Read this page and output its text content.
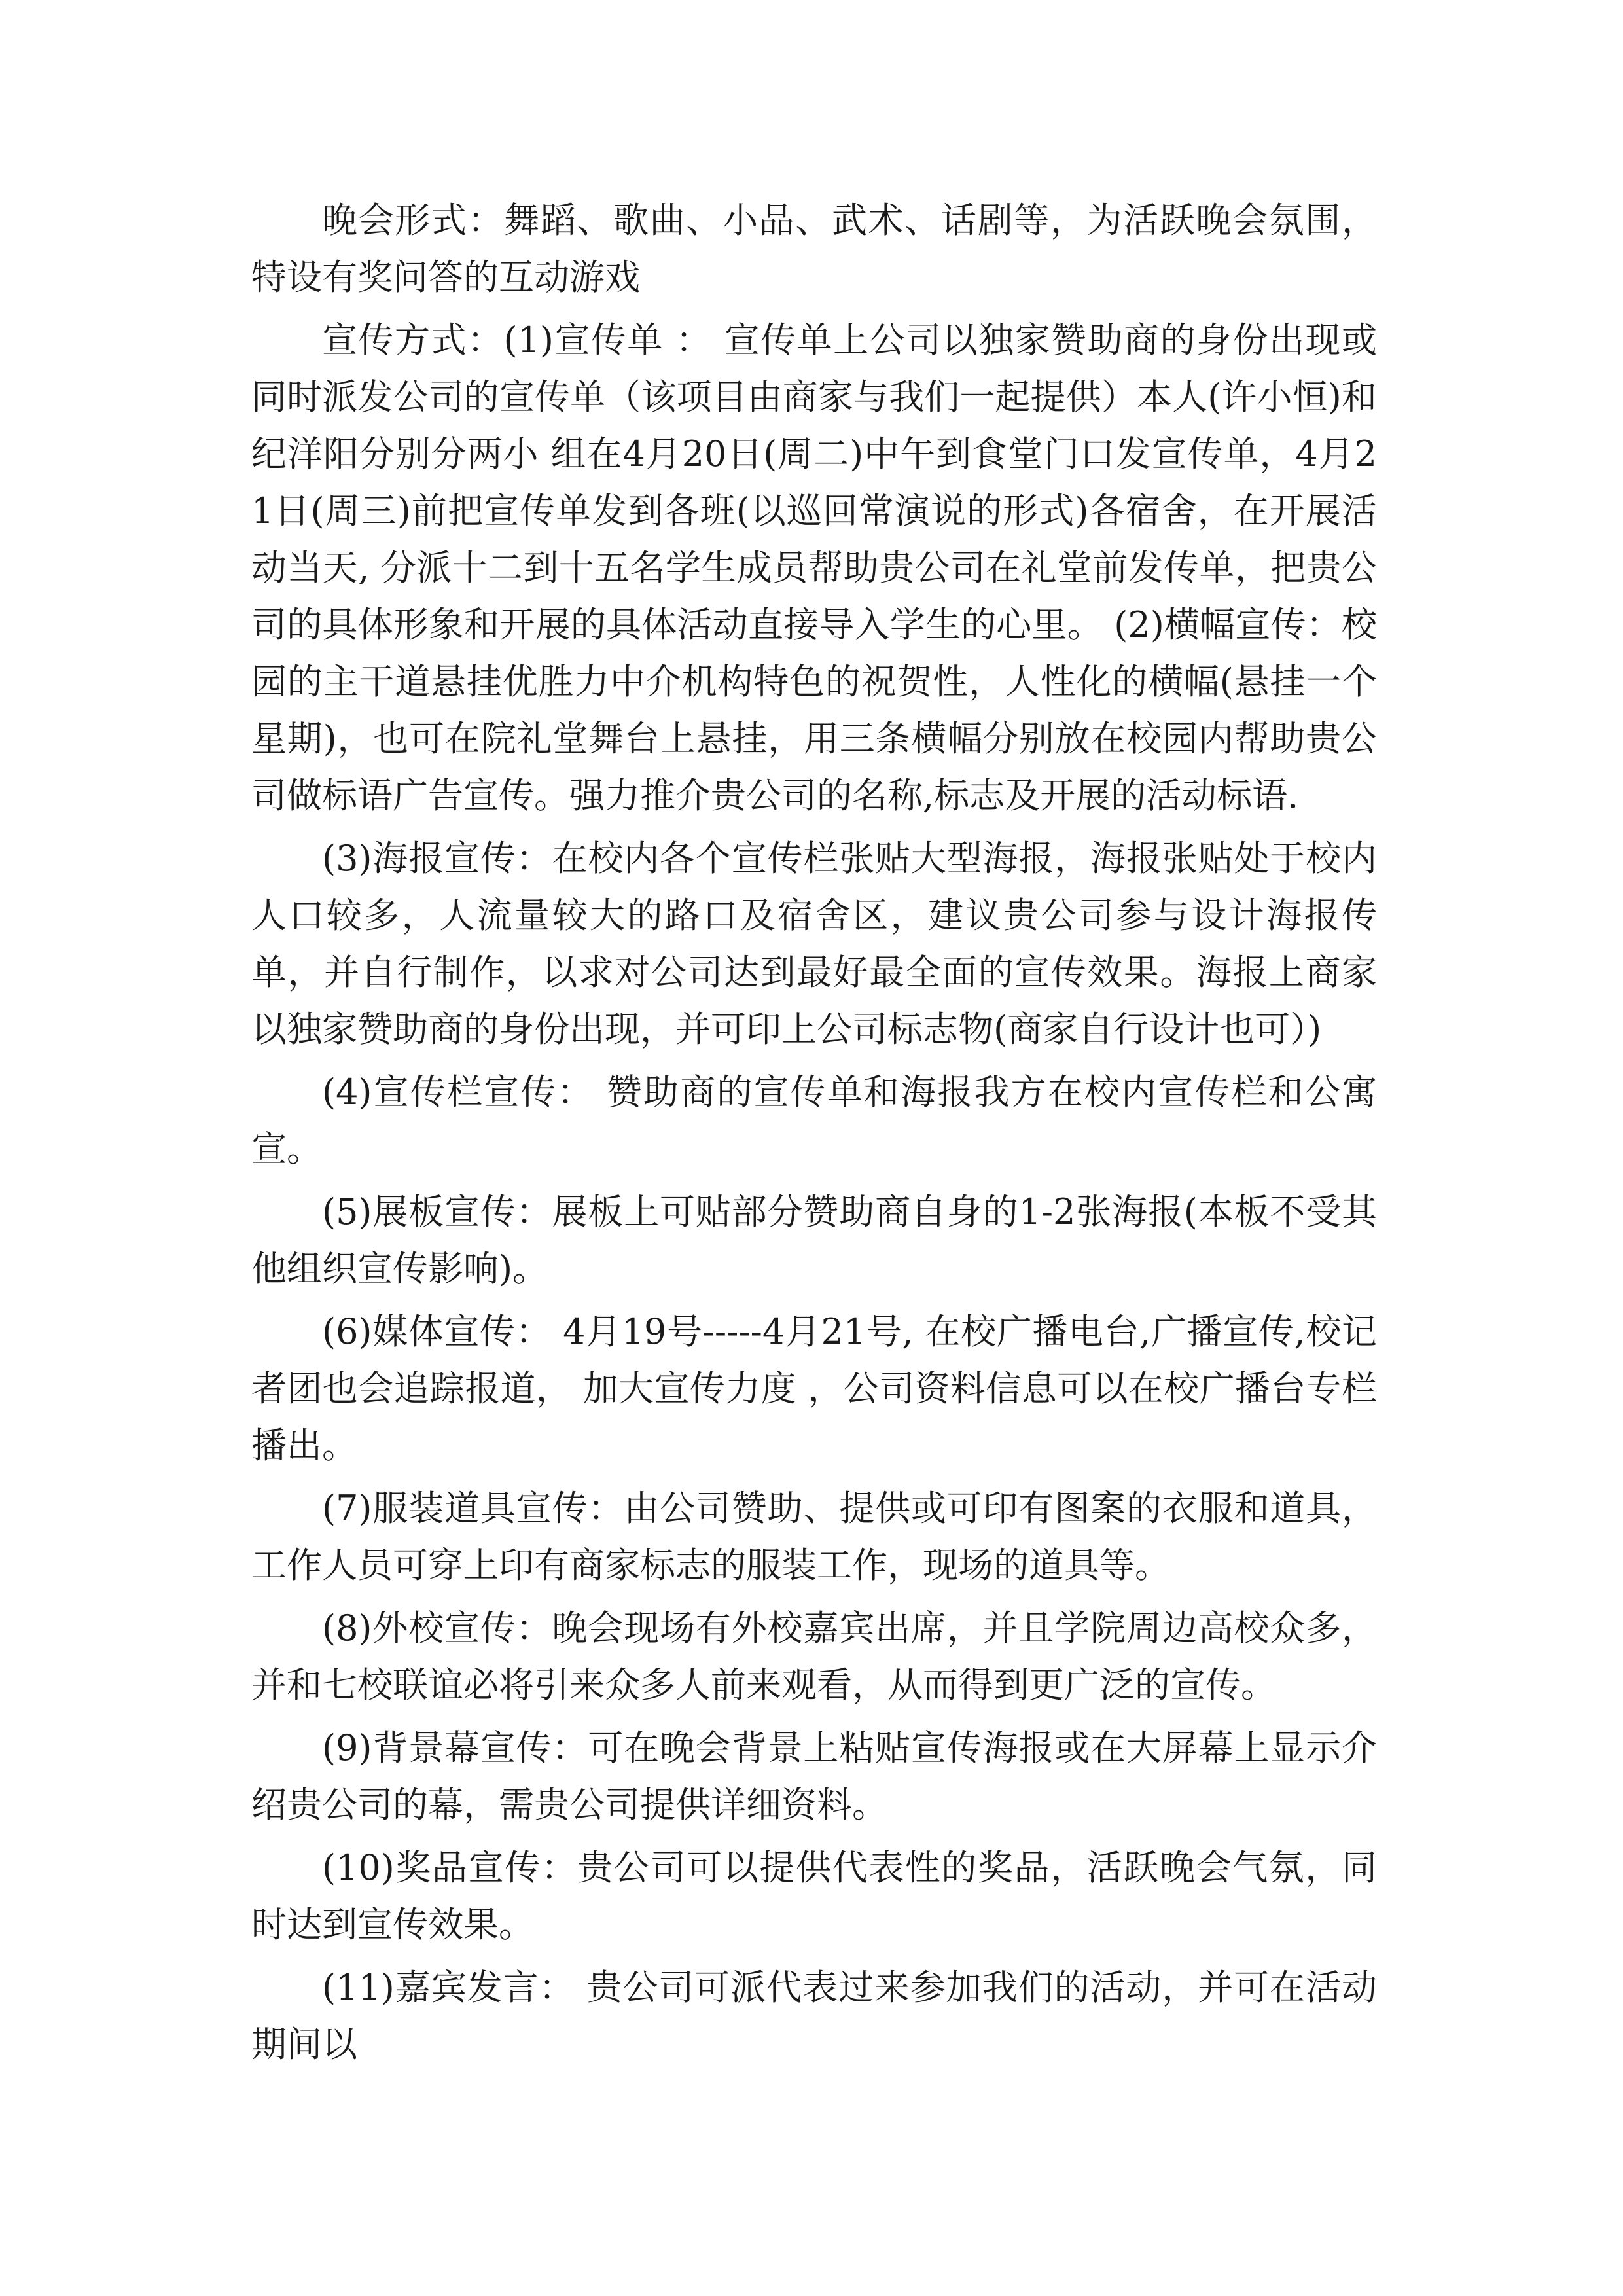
晚会形式：舞蹈、歌曲、小品、武术、话剧等，为活跃晚会氛围，特设有奖问答的互动游戏

宣传方式：(1)宣传单 ： 宣传单上公司以独家赞助商的身份出现或同时派发公司的宣传单（该项目由商家与我们一起提供）本人(许小恒)和纪洋阳分别分两小 组在4月20日(周二)中午到食堂门口发宣传单，4月21日(周三)前把宣传单发到各班(以巡回常演说的形式)各宿舍，在开展活动当天, 分派十二到十五名学生成员帮助贵公司在礼堂前发传单，把贵公司的具体形象和开展的具体活动直接导入学生的心里。 (2)横幅宣传：校园的主干道悬挂优胜力中介机构特色的祝贺性，人性化的横幅(悬挂一个星期)，也可在院礼堂舞台上悬挂，用三条横幅分别放在校园内帮助贵公司做标语广告宣传。强力推介贵公司的名称,标志及开展的活动标语.

(3)海报宣传：在校内各个宣传栏张贴大型海报，海报张贴处于校内人口较多，人流量较大的路口及宿舍区，建议贵公司参与设计海报传单，并自行制作，以求对公司达到最好最全面的宣传效果。海报上商家以独家赞助商的身份出现，并可印上公司标志物(商家自行设计也可）)

(4)宣传栏宣传： 赞助商的宣传单和海报我方在校内宣传栏和公寓宣。

(5)展板宣传：展板上可贴部分赞助商自身的1-2张海报(本板不受其他组织宣传影响)。

(6)媒体宣传： 4月19号-----4月21号, 在校广播电台,广播宣传,校记者团也会追踪报道， 加大宣传力度 ，公司资料信息可以在校广播台专栏播出。

(7)服装道具宣传：由公司赞助、提供或可印有图案的衣服和道具，工作人员可穿上印有商家标志的服装工作，现场的道具等。

(8)外校宣传：晚会现场有外校嘉宾出席，并且学院周边高校众多，并和七校联谊必将引来众多人前来观看，从而得到更广泛的宣传。

(9)背景幕宣传：可在晚会背景上粘贴宣传海报或在大屏幕上显示介绍贵公司的幕，需贵公司提供详细资料。

(10)奖品宣传：贵公司可以提供代表性的奖品，活跃晚会气氛，同时达到宣传效果。

(11)嘉宾发言： 贵公司可派代表过来参加我们的活动，并可在活动期间以
